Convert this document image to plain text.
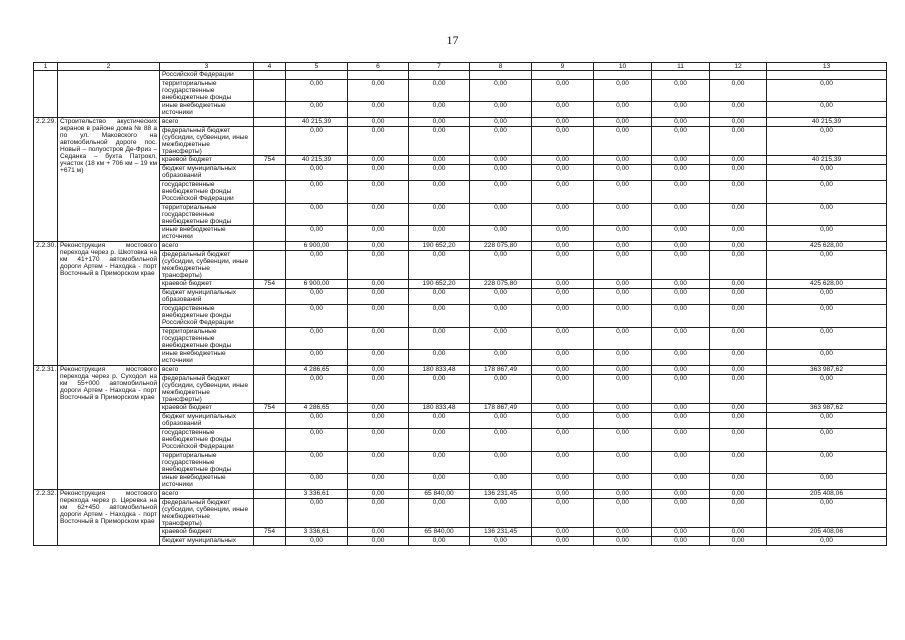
17
1	2	3	4	5	6	7	8	9	10	11	12	13
		Российской Федерации										
		территориальные государственные внебюджетные фонды		0,00	0,00	0,00	0,00	0,00	0,00	0,00	0,00	0,00
		иные внебюджетные источники		0,00	0,00	0,00	0,00	0,00	0,00	0,00	0,00	0,00
2.2.29.	Строительство акустических экранов в районе дома № 88 а по ул. Маковского на автомобильной дороге пос. Новый – полуостров Де-Фриз – Седанка – бухта Патрокл, участок (18 км + 706 км – 19 км +671 м)	всего		40 215,39	0,00	0,00	0,00	0,00	0,00	0,00	0,00	40 215,39
		федеральный бюджет (субсидии, субвенции, иные межбюджетные трансферты)		0,00	0,00	0,00	0,00	0,00	0,00	0,00	0,00	0,00
		краевой бюджет	754	40 215,39	0,00	0,00	0,00	0,00	0,00	0,00	0,00	40 215,39
		бюджет муниципальных образований		0,00	0,00	0,00	0,00	0,00	0,00	0,00	0,00	0,00
		государственные внебюджетные фонды Российской Федерации		0,00	0,00	0,00	0,00	0,00	0,00	0,00	0,00	0,00
		территориальные государственные внебюджетные фонды		0,00	0,00	0,00	0,00	0,00	0,00	0,00	0,00	0,00
		иные внебюджетные источники		0,00	0,00	0,00	0,00	0,00	0,00	0,00	0,00	0,00
2.2.30.	Реконструкция мостового перехода через р. Шкотовка на км 41+170 автомобильной дороги Артем - Находка - порт Восточный в Приморском крае	всего		6 900,00	0,00	190 652,20	228 075,80	0,00	0,00	0,00	0,00	425 628,00
		федеральный бюджет (субсидии, субвенции, иные межбюджетные трансферты)		0,00	0,00	0,00	0,00	0,00	0,00	0,00	0,00	0,00
		краевой бюджет	754	6 900,00	0,00	190 652,20	228 075,80	0,00	0,00	0,00	0,00	425 628,00
		бюджет муниципальных образований		0,00	0,00	0,00	0,00	0,00	0,00	0,00	0,00	0,00
		государственные внебюджетные фонды Российской Федерации		0,00	0,00	0,00	0,00	0,00	0,00	0,00	0,00	0,00
		территориальные государственные внебюджетные фонды		0,00	0,00	0,00	0,00	0,00	0,00	0,00	0,00	0,00
		иные внебюджетные источники		0,00	0,00	0,00	0,00	0,00	0,00	0,00	0,00	0,00
2.2.31.	Реконструкция мостового перехода через р. Суходол на км 55+000 автомобильной дороги Артем - Находка - порт Восточный в Приморском крае	всего		4 286,65	0,00	180 833,48	178 867,49	0,00	0,00	0,00	0,00	363 987,62
		федеральный бюджет (субсидии, субвенции, иные межбюджетные трансферты)		0,00	0,00	0,00	0,00	0,00	0,00	0,00	0,00	0,00
		краевой бюджет	754	4 286,65	0,00	180 833,48	178 867,49	0,00	0,00	0,00	0,00	363 987,62
		бюджет муниципальных образований		0,00	0,00	0,00	0,00	0,00	0,00	0,00	0,00	0,00
		государственные внебюджетные фонды Российской Федерации		0,00	0,00	0,00	0,00	0,00	0,00	0,00	0,00	0,00
		территориальные государственные внебюджетные фонды		0,00	0,00	0,00	0,00	0,00	0,00	0,00	0,00	0,00
		иные внебюджетные источники		0,00	0,00	0,00	0,00	0,00	0,00	0,00	0,00	0,00
2.2.32.	Реконструкция мостового перехода через р. Церевка на км 62+450 автомобильной дороги Артем - Находка - порт Восточный в Приморском крае	всего		3 336,61	0,00	65 840,00	136 231,45	0,00	0,00	0,00	0,00	205 408,06
		федеральный бюджет (субсидии, субвенции, иные межбюджетные трансферты)		0,00	0,00	0,00	0,00	0,00	0,00	0,00	0,00	0,00
		краевой бюджет	754	3 336,61	0,00	65 840,00	136 231,45	0,00	0,00	0,00	0,00	205 408,06
		бюджет муниципальных		0,00	0,00	0,00	0,00	0,00	0,00	0,00	0,00	0,00
